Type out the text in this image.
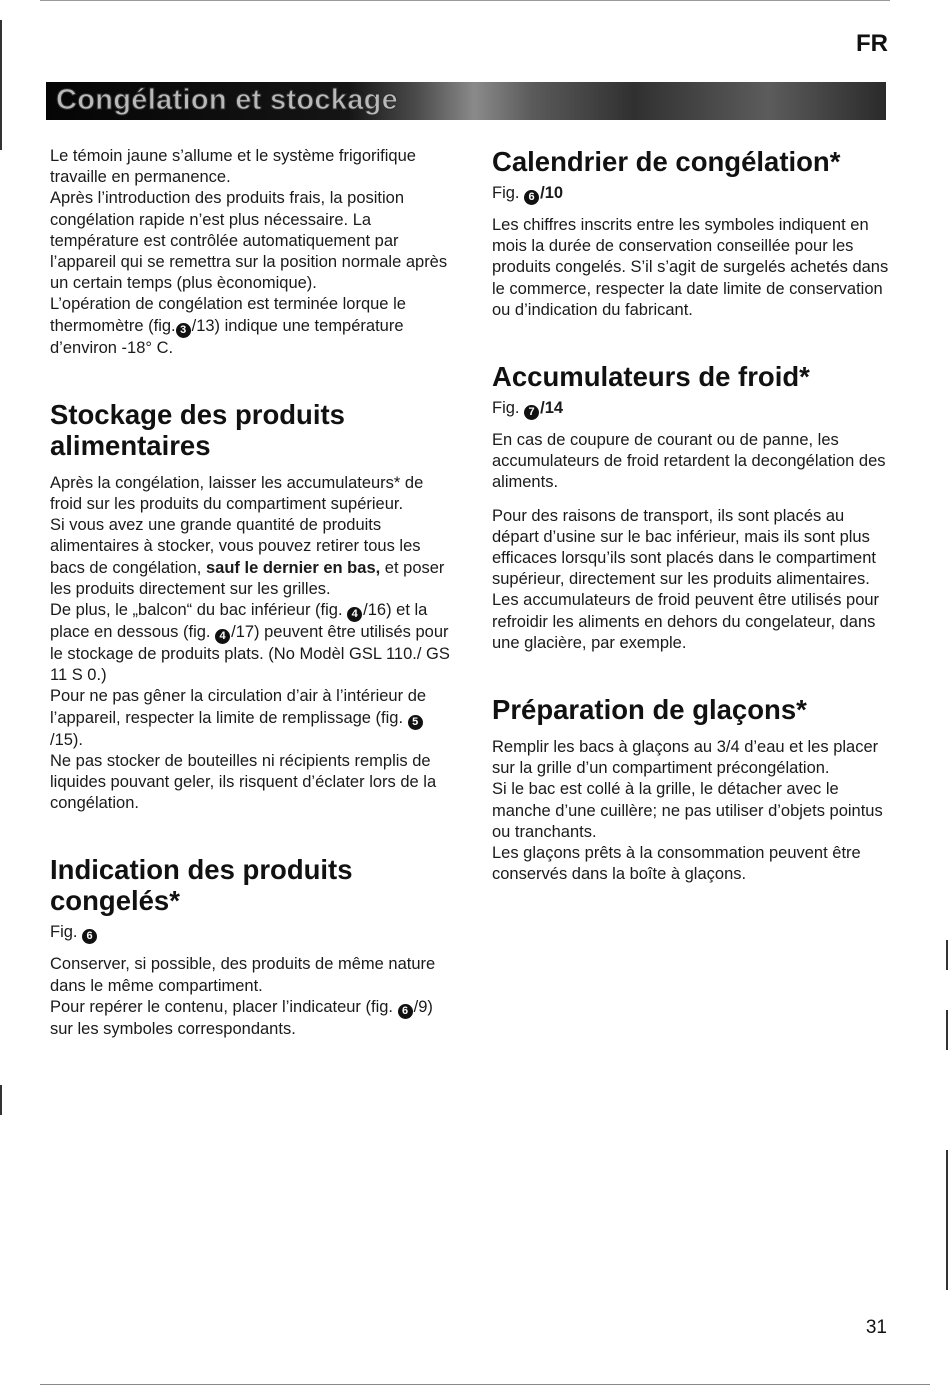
FR
Congélation et stockage

Le témoin jaune s’allume et le système frigorifique travaille en permanence.
Après l’introduction des produits frais, la position congélation rapide n’est plus nécessaire. La température est contrôlée automatiquement par l’appareil qui se remettra sur la position normale après un certain temps (plus èconomique).
L’opération de congélation est terminée lorque le thermomètre (fig. 3 /13) indique une température d’environ -18° C.

Stockage des produits alimentaires

Après la congélation, laisser les accumulateurs* de froid sur les produits du compartiment supérieur.
Si vous avez une grande quantité de produits alimentaires à stocker, vous pouvez retirer tous les bacs de congélation, sauf le dernier en bas, et poser les produits directement sur les grilles.
De plus, le „balcon“ du bac inférieur (fig. 4 /16) et la place en dessous (fig. 4 /17) peuvent être utilisés pour le stockage de produits plats. (No Modèl GSL 110./ GS 11 S 0.)
Pour ne pas gêner la circulation d’air à l’intérieur de l’appareil, respecter la limite de remplissage (fig. 5/15).
Ne pas stocker de bouteilles ni récipients remplis de liquides pouvant geler, ils risquent d’éclater lors de la congélation.

Indication des produits congelés*
Fig. 6

Conserver, si possible, des produits de même nature dans le même compartiment.
Pour repérer le contenu, placer l’indicateur (fig. 6 /9) sur les symboles correspondants.

Calendrier de congélation*
Fig. 6 /10

Les chiffres inscrits entre les symboles indiquent en mois la durée de conservation conseillée pour les produits congelés. S’il s’agit de surgelés achetés dans le commerce, respecter la date limite de conservation ou d’indication du fabricant.

Accumulateurs de froid*
Fig. 7 /14

En cas de coupure de courant ou de panne, les accumulateurs de froid retardent la decongélation des aliments.

Pour des raisons de transport, ils sont placés au départ d’usine sur le bac inférieur, mais ils sont plus efficaces lorsqu’ils sont placés dans le compartiment supérieur, directement sur les produits alimentaires.
Les accumulateurs de froid peuvent être utilisés pour refroidir les aliments en dehors du congelateur, dans une glacière, par exemple.

Préparation de glaçons*

Remplir les bacs à glaçons au 3/4 d’eau et les placer sur la grille d’un compartiment précongélation.
Si le bac est collé à la grille, le détacher avec le manche d’une cuillère; ne pas utiliser d’objets pointus ou tranchants.
Les glaçons prêts à la consommation peuvent être conservés dans la boîte à glaçons.

31
